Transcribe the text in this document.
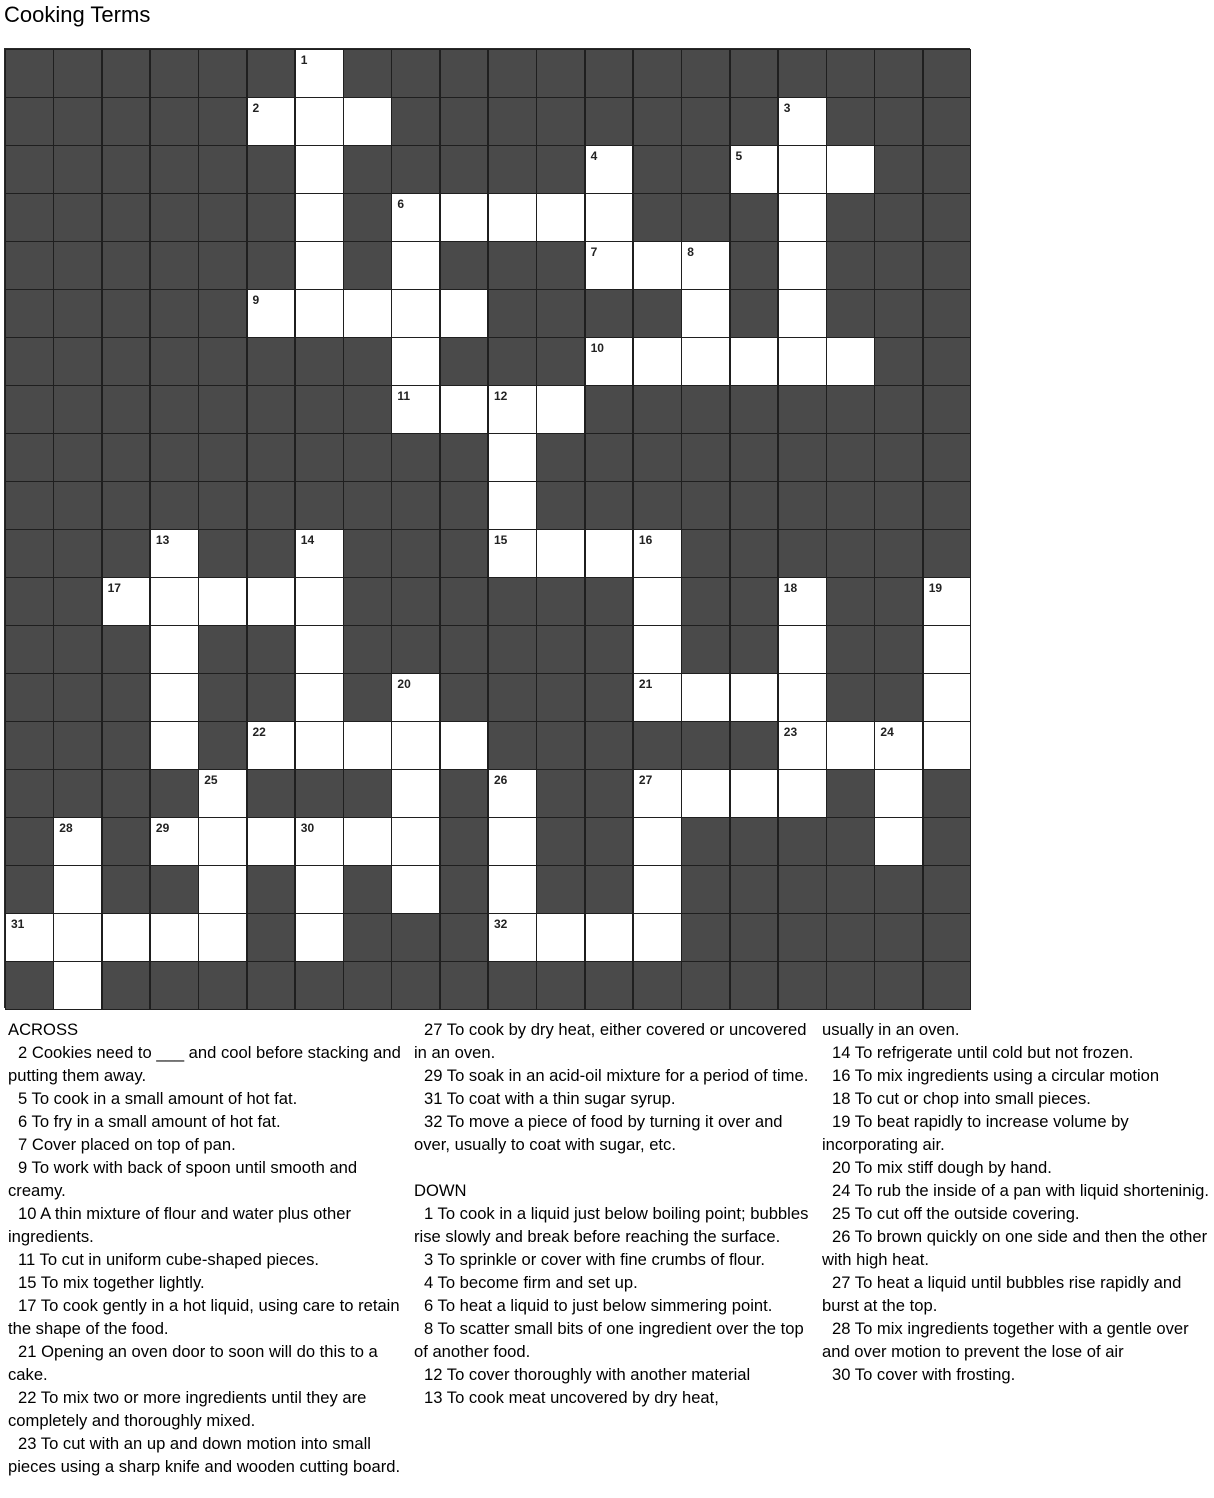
Cooking Terms
1
2	3
4	5
6
7	8
9
10
11	12
13	14	15	16
17	18	19
20	21
22	23	24
25	26	27
28	29	30
31	32

ACROSS

2 Cookies need to ___ and cool before stacking and putting them away.

5 To cook in a small amount of hot fat.

6 To fry in a small amount of hot fat.

7 Cover placed on top of pan.

9 To work with back of spoon until smooth and creamy.

10 A thin mixture of flour and water plus other ingredients.

11 To cut in uniform cube-shaped pieces.

15 To mix together lightly.

17 To cook gently in a hot liquid, using care to retain the shape of the food.

21 Opening an oven door to soon will do this to a cake.

22 To mix two or more ingredients until they are completely and thoroughly mixed.

23 To cut with an up and down motion into small pieces using a sharp knife and wooden cutting board.

27 To cook by dry heat, either covered or uncovered in an oven.

29 To soak in an acid-oil mixture for a period of time.

31 To coat with a thin sugar syrup.

32 To move a piece of food by turning it over and over, usually to coat with sugar, etc.

DOWN

1 To cook in a liquid just below boiling point; bubbles rise slowly and break before reaching the surface.

3 To sprinkle or cover with fine crumbs of flour.

4 To become firm and set up.

6 To heat a liquid to just below simmering point.

8 To scatter small bits of one ingredient over the top of another food.

12 To cover thoroughly with another material

13 To cook meat uncovered by dry heat,

usually in an oven.

14 To refrigerate until cold but not frozen.

16 To mix ingredients using a circular motion

18 To cut or chop into small pieces.

19 To beat rapidly to increase volume by incorporating air.

20 To mix stiff dough by hand.

24 To rub the inside of a pan with liquid shorteninig.

25 To cut off the outside covering.

26 To brown quickly on one side and then the other with high heat.

27 To heat a liquid until bubbles rise rapidly and burst at the top.

28 To mix ingredients together with a gentle over and over motion to prevent the lose of air

30 To cover with frosting.
